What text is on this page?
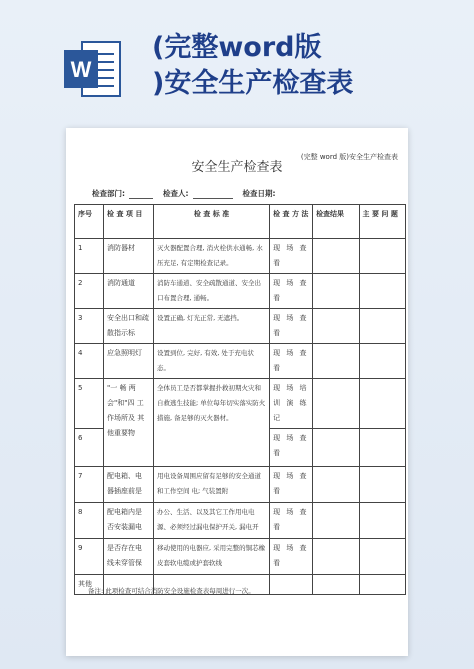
W
(完整word版
)安全生产检查表
(完整 word 版)安全生产检查表
安全生产检查表
检查部门:	检查人:	检查日期:
序号	检 查 项 目	检 查 标 准	检 查 方 法	检查结果	主 要 问 题
1	消防器材	灭火器配置合理, 消火栓供水通畅, 水压充足, 有定期检查记录。	现 场 查 看		
2	消防通道	消防车通道、安全疏散通道、安全出口布置合理, 通畅。	现 场 查 看		
3	安全出口和疏散指示标	设置正确, 灯光正常, 无遮挡。	现 场 查 看		
4	应急照明灯	设置到位, 完好, 有效, 处于充电状态。	现 场 查 看		
5	"一 畅 两 会"和"四 工作场所及 其他重要物	全体员工是否都掌握扑救初期火灾和自救逃生技能; 单位每年切实落实防火措施, 备足够的灭火器材。	现 场 培 训 演 练 记		
6			现 场 查 看		
7	配电箱、电 器插座前是	用电设备周围应留有足够的安全通道和工作空间 电; 气装置附	现 场 查 看		
8	配电箱内是 否安装漏电	办公、生活、以及其它工作用电电源、必须经过漏电保护开关, 漏电开	现 场 查 看		
9	是否存在电 线未穿管保	移动使用的电器应, 采用完整的铜芯橡皮套软电缆或护套软线	现 场 查 看		
其他					
备注: 此项检查可结合消防安全设施检查表每周进行一次。
